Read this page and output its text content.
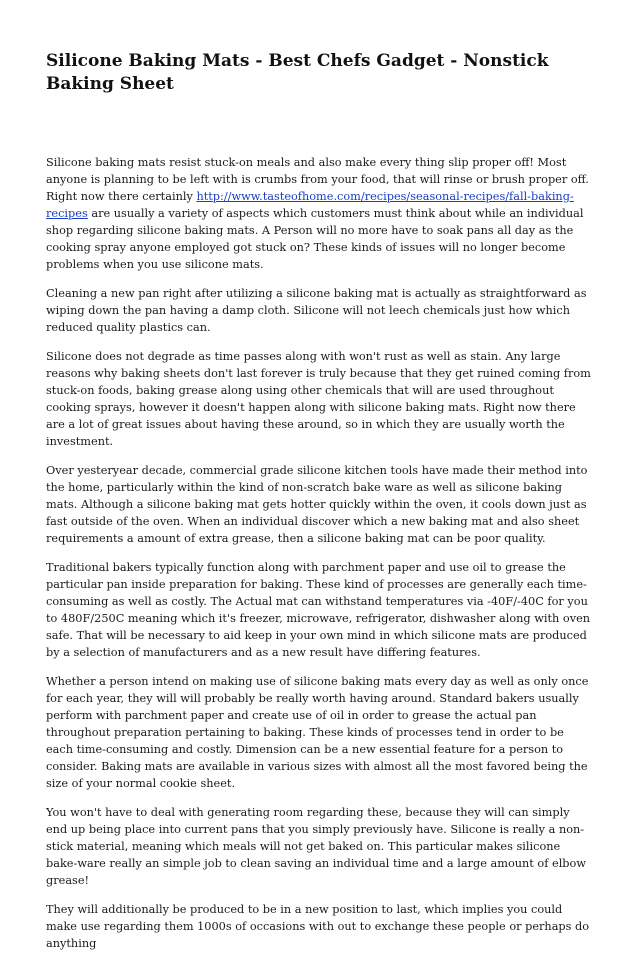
Silicone Baking Mats - Best Chefs Gadget - Nonstick Baking Sheet

Silicone baking mats resist stuck-on meals and also make every thing slip proper off! Most anyone is planning to be left with is crumbs from your food, that will rinse or brush proper off. Right now there certainly http://www.tasteofhome.com/recipes/seasonal-recipes/fall-baking-recipes are usually a variety of aspects which customers must think about while an individual shop regarding silicone baking mats. A Person will no more have to soak pans all day as the cooking spray anyone employed got stuck on? These kinds of issues will no longer become problems when you use silicone mats.

Cleaning a new pan right after utilizing a silicone baking mat is actually as straightforward as wiping down the pan having a damp cloth. Silicone will not leech chemicals just how which reduced quality plastics can.

Silicone does not degrade as time passes along with won't rust as well as stain. Any large reasons why baking sheets don't last forever is truly because that they get ruined coming from stuck-on foods, baking grease along using other chemicals that will are used throughout cooking sprays, however it doesn't happen along with silicone baking mats. Right now there are a lot of great issues about having these around, so in which they are usually worth the investment.

Over yesteryear decade, commercial grade silicone kitchen tools have made their method into the home, particularly within the kind of non-scratch bake ware as well as silicone baking mats. Although a silicone baking mat gets hotter quickly within the oven, it cools down just as fast outside of the oven. When an individual discover which a new baking mat and also sheet requirements a amount of extra grease, then a silicone baking mat can be poor quality.

Traditional bakers typically function along with parchment paper and use oil to grease the particular pan inside preparation for baking. These kind of processes are generally each time-consuming as well as costly. The Actual mat can withstand temperatures via -40F/-40C for you to 480F/250C meaning which it's freezer, microwave, refrigerator, dishwasher along with oven safe. That will be necessary to aid keep in your own mind in which silicone mats are produced by a selection of manufacturers and as a new result have differing features.

Whether a person intend on making use of silicone baking mats every day as well as only once for each year, they will will probably be really worth having around. Standard bakers usually perform with parchment paper and create use of oil in order to grease the actual pan throughout preparation pertaining to baking. These kinds of processes tend in order to be each time-consuming and costly. Dimension can be a new essential feature for a person to consider. Baking mats are available in various sizes with almost all the most favored being the size of your normal cookie sheet.

You won't have to deal with generating room regarding these, because they will can simply end up being place into current pans that you simply previously have. Silicone is really a non-stick material, meaning which meals will not get baked on. This particular makes silicone bake-ware really an simple job to clean saving an individual time and a large amount of elbow grease!

They will additionally be produced to be in a new position to last, which implies you could make use regarding them 1000s of occasions with out to exchange these people or perhaps do anything
